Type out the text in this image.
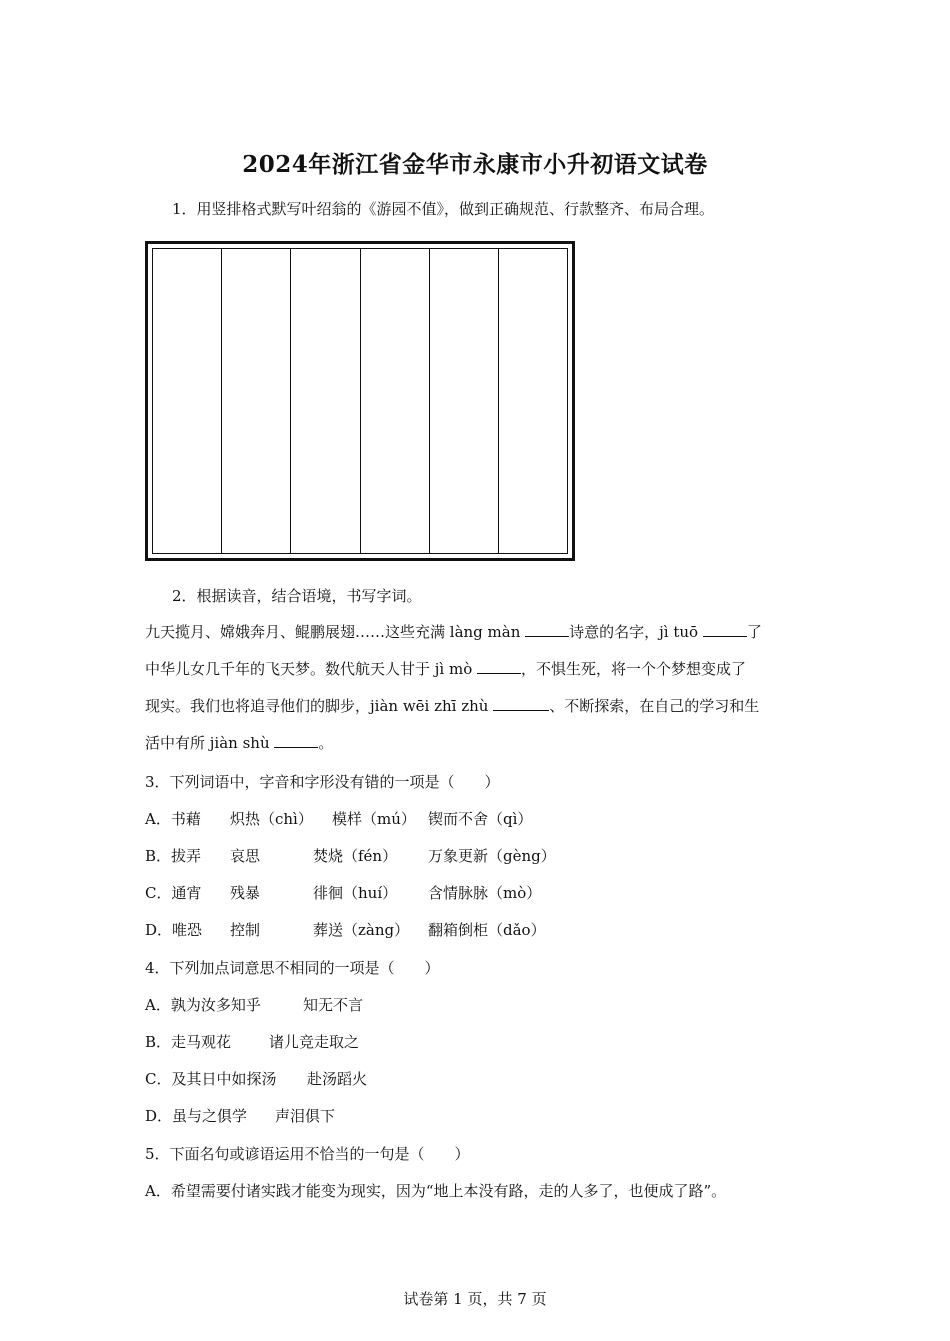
2024年浙江省金华市永康市小升初语文试卷
1．用竖排格式默写叶绍翁的《游园不值》，做到正确规范、行款整齐、布局合理。
2．根据读音，结合语境，书写字词。
九天揽月、嫦娥奔月、鲲鹏展翅……这些充满 làng màn	诗意的名字，jì tuō	了
中华儿女几千年的飞天梦。数代航天人甘于 jì mò	，不惧生死，将一个个梦想变成了
现实。我们也将追寻他们的脚步，jiàn wēi zhī zhù	、不断探索，在自己的学习和生
活中有所 jiàn shù	。
3．下列词语中，字音和字形没有错的一项是（　　）
A．书藉	炽热（chì）	模样（mú） 锲而不舍（qì）
B．拔弄	哀思	焚烧（fén）	万象更新（gèng）
C．通宵	残暴	徘徊（huí）	含情脉脉（mò）
D．唯恐	控制	葬送（zàng）	翻箱倒柜（dǎo）
4．下列加点词意思不相同的一项是（　　）
A．孰为汝多知乎	知无不言
B．走马观花	诸儿竞走取之
C．及其日中如探汤	赴汤蹈火
D．虽与之俱学	声泪俱下
5．下面名句或谚语运用不恰当的一句是（　　）
A．希望需要付诸实践才能变为现实，因为“地上本没有路，走的人多了，也便成了路”。
试卷第 1 页，共 7 页
